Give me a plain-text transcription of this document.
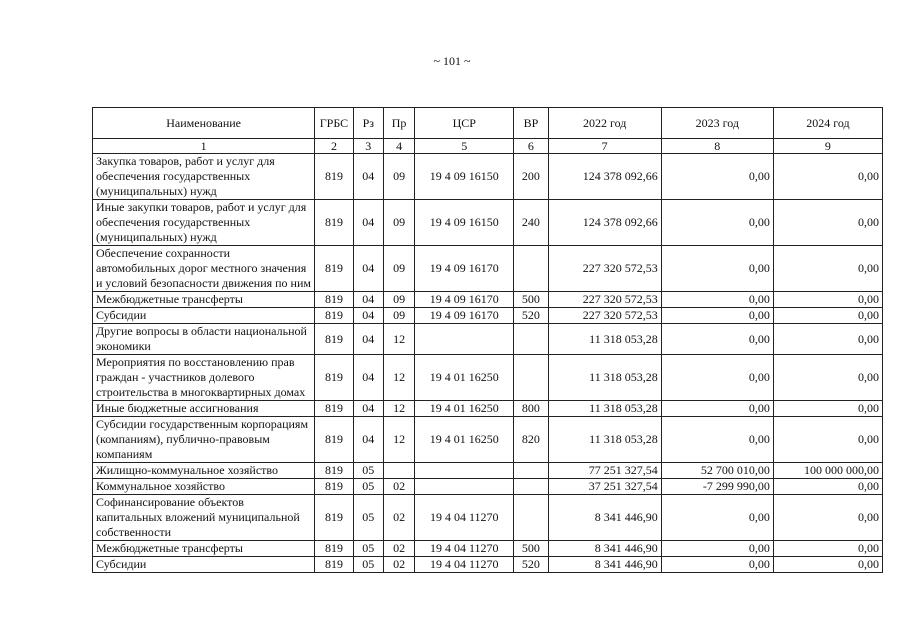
~ 101 ~
Наименование	ГРБС	Рз	Пр	ЦСР	ВР	2022 год	2023 год	2024 год
1	2	3	4	5	6	7	8	9
Закупка товаров, работ и услуг для обеспечения государственных (муниципальных) нужд	819	04	09	19 4 09 16150	200	124 378 092,66	0,00	0,00
Иные закупки товаров, работ и услуг для обеспечения государственных (муниципальных) нужд	819	04	09	19 4 09 16150	240	124 378 092,66	0,00	0,00
Обеспечение сохранности автомобильных дорог местного значения и условий безопасности движения по ним	819	04	09	19 4 09 16170		227 320 572,53	0,00	0,00
Межбюджетные трансферты	819	04	09	19 4 09 16170	500	227 320 572,53	0,00	0,00
Субсидии	819	04	09	19 4 09 16170	520	227 320 572,53	0,00	0,00
Другие вопросы в области национальной экономики	819	04	12			11 318 053,28	0,00	0,00
Мероприятия по восстановлению прав граждан - участников долевого строительства в многоквартирных домах	819	04	12	19 4 01 16250		11 318 053,28	0,00	0,00
Иные бюджетные ассигнования	819	04	12	19 4 01 16250	800	11 318 053,28	0,00	0,00
Субсидии государственным корпорациям (компаниям), публично-правовым компаниям	819	04	12	19 4 01 16250	820	11 318 053,28	0,00	0,00
Жилищно-коммунальное хозяйство	819	05				77 251 327,54	52 700 010,00	100 000 000,00
Коммунальное хозяйство	819	05	02			37 251 327,54	-7 299 990,00	0,00
Софинансирование объектов капитальных вложений муниципальной собственности	819	05	02	19 4 04 11270		8 341 446,90	0,00	0,00
Межбюджетные трансферты	819	05	02	19 4 04 11270	500	8 341 446,90	0,00	0,00
Субсидии	819	05	02	19 4 04 11270	520	8 341 446,90	0,00	0,00
